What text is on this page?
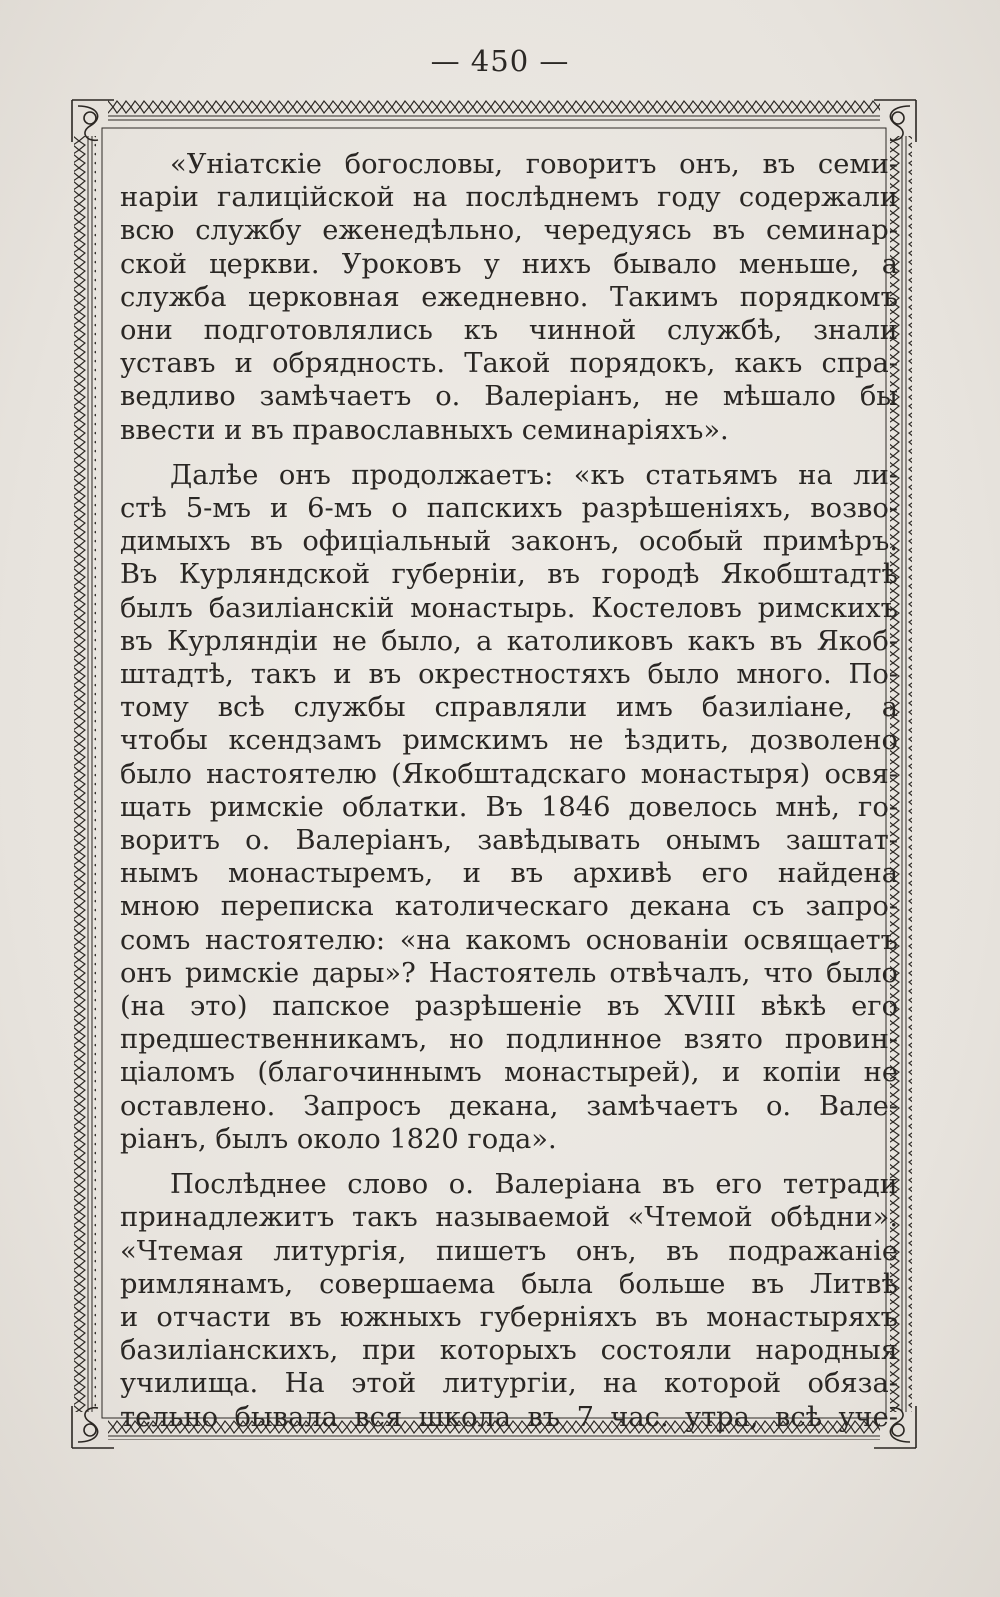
— 450 —

«Уніатскіе богословы, говоритъ онъ, въ семи-
наріи галиційской на послѣднемъ году содержали
всю службу еженедѣльно, чередуясь въ семинар-
ской церкви. Уроковъ у нихъ бывало меньше, а
служба церковная ежедневно. Такимъ порядкомъ
они подготовлялись къ чинной службѣ, знали
уставъ и обрядность. Такой порядокъ, какъ спра-
ведливо замѣчаетъ о. Валеріанъ, не мѣшало бы
ввести и въ православныхъ семинаріяхъ».

Далѣе онъ продолжаетъ: «къ статьямъ на ли-
стѣ 5-мъ и 6-мъ о папскихъ разрѣшеніяхъ, возво-
димыхъ въ офиціальный законъ, особый примѣръ.
Въ Курляндской губерніи, въ городѣ Якобштадтѣ
былъ базиліанскій монастырь. Костеловъ римскихъ
въ Курляндіи не было, а католиковъ какъ въ Якоб-
штадтѣ, такъ и въ окрестностяхъ было много. По-
тому всѣ службы справляли имъ базиліане, а
чтобы ксендзамъ римскимъ не ѣздить, дозволено
было настоятелю (Якобштадскаго монастыря) освя-
щать римскіе облатки. Въ 1846 довелось мнѣ, го-
воритъ о. Валеріанъ, завѣдывать онымъ заштат-
нымъ монастыремъ, и въ архивѣ его найдена
мною переписка католическаго декана съ запро-
сомъ настоятелю: «на какомъ основаніи освящаетъ
онъ римскіе дары»? Настоятель отвѣчалъ, что было
(на это) папское разрѣшеніе въ XVIII вѣкѣ его
предшественникамъ, но подлинное взято провин-
ціаломъ (благочиннымъ монастырей), и копіи не
оставлено. Запросъ декана, замѣчаетъ о. Вале-
ріанъ, былъ около 1820 года».

Послѣднее слово о. Валеріана въ его тетради
принадлежитъ такъ называемой «Чтемой обѣдни».
«Чтемая литургія, пишетъ онъ, въ подражаніе
римлянамъ, совершаема была больше въ Литвѣ
и отчасти въ южныхъ губерніяхъ въ монастыряхъ
базиліанскихъ, при которыхъ состояли народныя
училища. На этой литургіи, на которой обяза-
тельно бывала вся школа въ 7 час. утра, всѣ уче-
